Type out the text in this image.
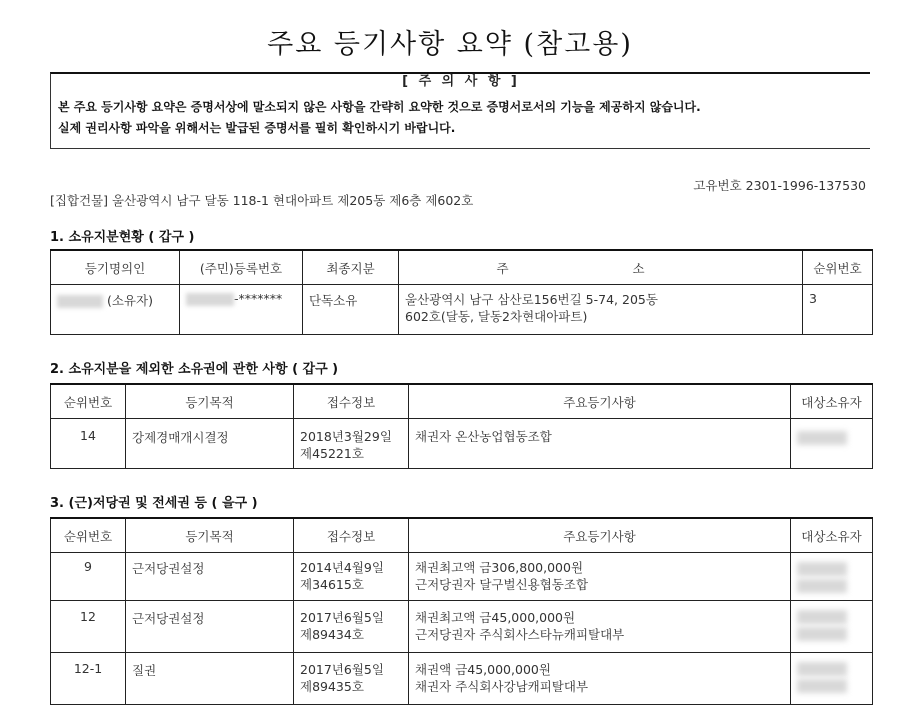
주요 등기사항 요약 (참고용)
[ 주 의 사 항 ]
본 주요 등기사항 요약은 증명서상에 말소되지 않은 사항을 간략히 요약한 것으로 증명서로서의 기능을 제공하지 않습니다.
실제 권리사항 파악을 위해서는 발급된 증명서를 필히 확인하시기 바랍니다.
고유번호 2301-1996-137530
[집합건물] 울산광역시 남구 달동 118-1 현대아파트 제205동 제6층 제602호
1. 소유지분현황 ( 갑구 )
등기명의인	(주민)등록번호	최종지분	주 소	순위번호
(소유자)	-*******	단독소유	울산광역시 남구 삼산로156번길 5-74, 205동
602호(달동, 달동2차현대아파트)	3
2. 소유지분을 제외한 소유권에 관한 사항 ( 갑구 )
순위번호	등기목적	접수정보	주요등기사항	대상소유자
14	강제경매개시결정	2018년3월29일
제45221호	채권자 온산농업협동조합	

3. (근)저당권 및 전세권 등 ( 을구 )
순위번호	등기목적	접수정보	주요등기사항	대상소유자
9	근저당권설정	2014년4월9일
제34615호	채권최고액 금306,800,000원
근저당권자 달구벌신용협동조합	

12	근저당권설정	2017년6월5일
제89434호	채권최고액 금45,000,000원
근저당권자 주식회사스타뉴캐피탈대부	

12-1	질권	2017년6월5일
제89435호	채권액 금45,000,000원
채권자 주식회사강남캐피탈대부	
